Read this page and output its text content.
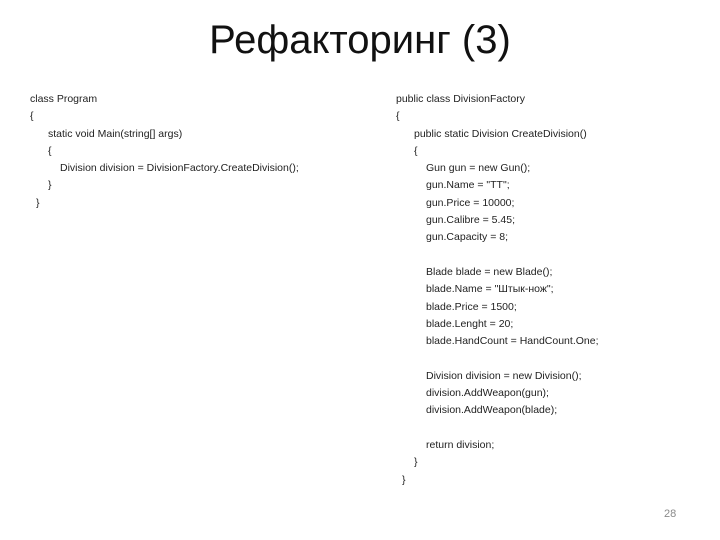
Рефакторинг (3)
class Program
{
static void Main(string[] args)
{
Division division = DivisionFactory.CreateDivision();
}
}
public class DivisionFactory
{
public static Division CreateDivision()
{
Gun gun = new Gun();
gun.Name = "TT";
gun.Price = 10000;
gun.Calibre = 5.45;
gun.Capacity = 8;
Blade blade = new Blade();
blade.Name = "Штык-нож";
blade.Price = 1500;
blade.Lenght = 20;
blade.HandCount = HandCount.One;
Division division = new Division();
division.AddWeapon(gun);
division.AddWeapon(blade);
return division;
}
}
28
